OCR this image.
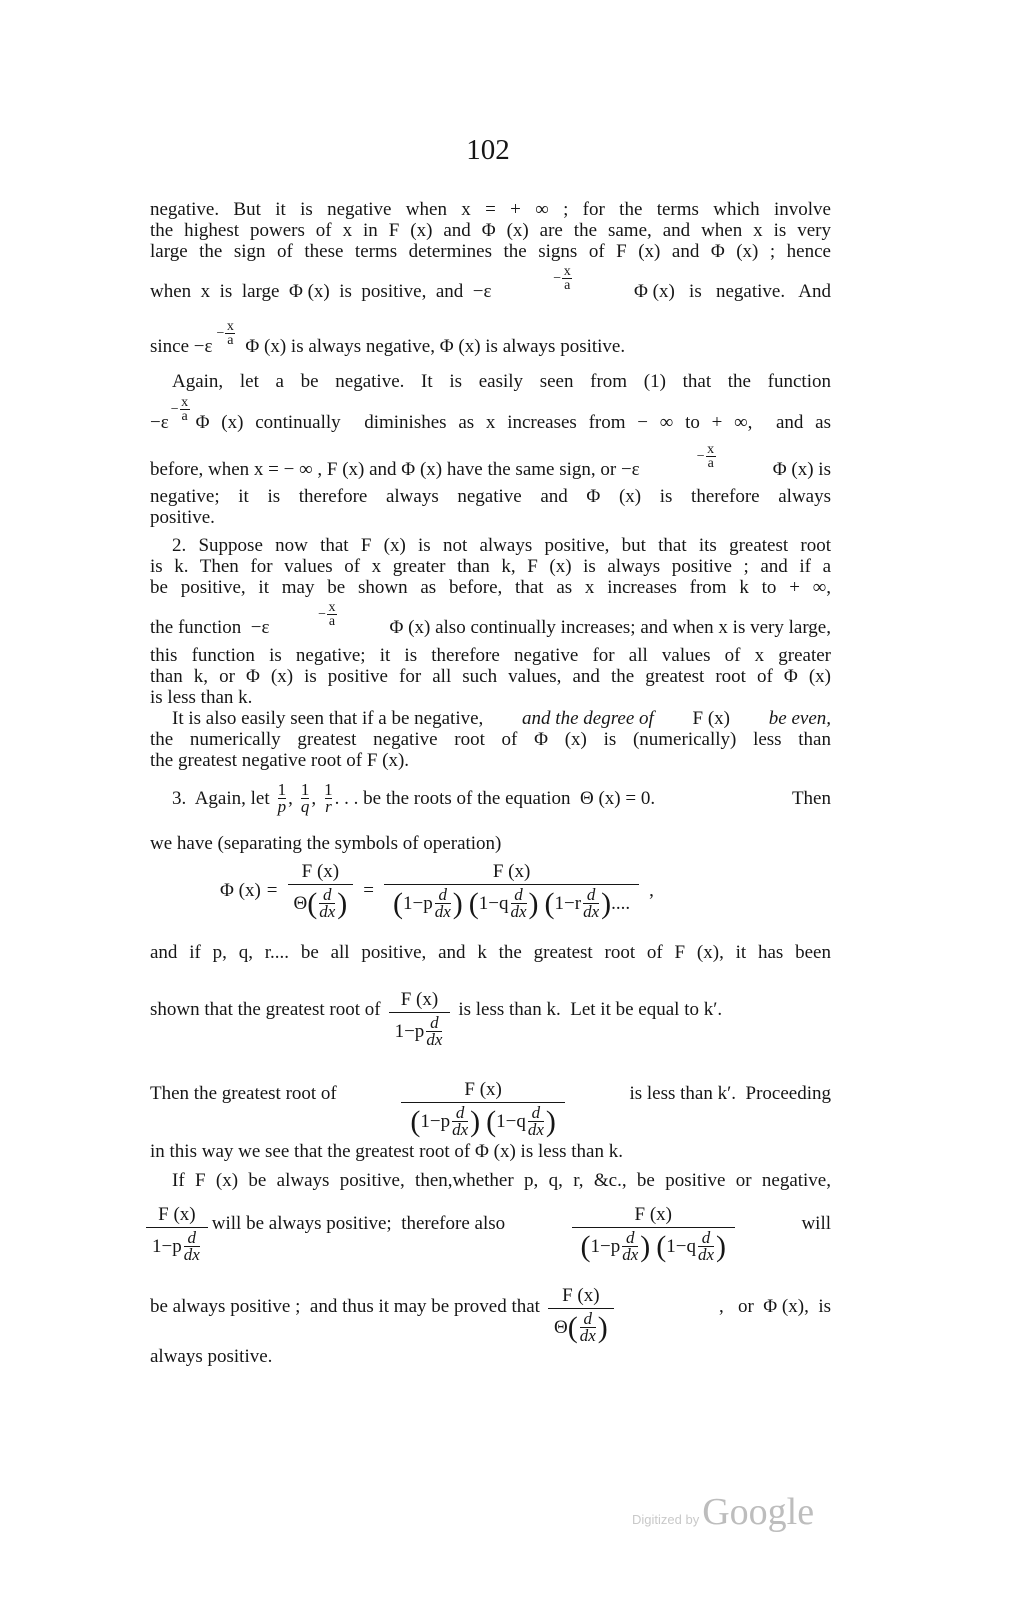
102
negative. But it is negative when x = + ∞ ; for the terms which involve
the highest powers of x in F (x) and Φ (x) are the same, and when x is very
large the sign of these terms determines the signs of F (x) and Φ (x) ; hence
when  x  is  large  Φ (x)  is  positive,  and  −ε
− x
a	Φ (x)   is   negative.   And
since −ε
− x
a Φ (x) is always negative, Φ (x) is always positive.
Again, let a be negative. It is easily seen from (1) that the function
−ε
− x
a Φ (x) continually  diminishes as x increases from − ∞ to + ∞,  and as
before, when x = − ∞ , F (x) and Φ (x) have the same sign, or −ε
− x
a	Φ (x) is
negative; it is therefore always negative and Φ (x) is therefore always
positive.
2. Suppose now that F (x) is not always positive, but that its greatest root
is k. Then for values of x greater than k, F (x) is always positive ; and if a
be positive, it may be shown as before, that as x increases from k to + ∞,
the function  −ε
− x
a	Φ (x) also continually increases; and when x is very large,
this function is negative; it is therefore negative for all values of x greater
than k, or Φ (x) is positive for all such values, and the greatest root of Φ (x)
is less than k.
It is also easily seen that if a be negative, and the degree of F (x) be even,
the numerically greatest negative root of Φ (x) is (numerically) less than
the greatest negative root of F (x).
3.  Again, let 1
p , 1
q , 1
r . . . be the roots of the equation  Θ (x) = 0.	Then
we have (separating the symbols of operation)
Φ (x) = F (x)
Θ ( d
dx ) = F (x)
( 1−p d
dx ) ( 1−q d
dx ) ( 1−r d
dx ) .... ,
and if p, q, r.... be all positive, and k the greatest root of F (x), it has been
shown that the greatest root of F (x)
1−p d
dx is less than k.  Let it be equal to k′.
Then the greatest root of	F (x)
( 1−p d
dx ) ( 1−q d
dx )	is less than k′.  Proceeding
in this way we see that the greatest root of Φ (x) is less than k.
If F (x) be always positive, then,whether p, q, r, &c., be positive or negative,
F (x)
1−p d
dx will be always positive;  therefore also	F (x)
( 1−p d
dx ) ( 1−q d
dx )	will
be always positive ;  and thus it may be proved that F (x)
Θ ( d
dx )	,   or  Φ (x),  is
always positive.
Digitized by Google
